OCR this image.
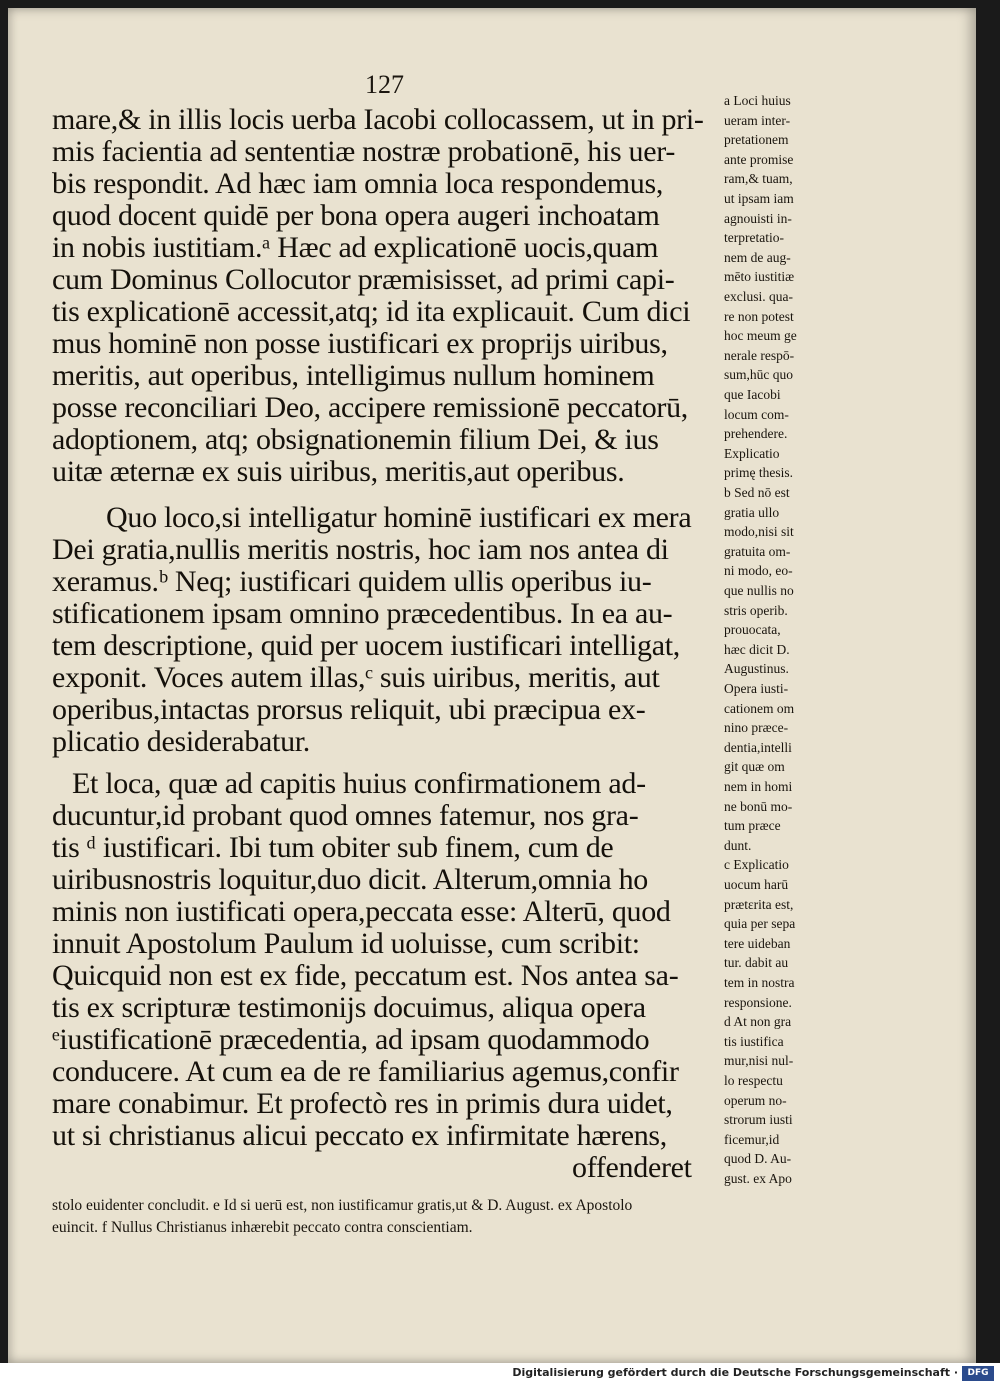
127
mare,& in illis locis uerba Iacobi collocassem, ut in pri-
mis facientia ad sententiæ nostræ probationē, his uer-
bis respondit. Ad hæc iam omnia loca respondemus,
quod docent quidē per bona opera augeri inchoatam
in nobis iustitiam.ᵃ Hæc ad explicationē uocis,quam
cum Dominus Collocutor præmisisset, ad primi capi-
tis explicationē accessit,atq; id ita explicauit. Cum dici
mus hominē non posse iustificari ex proprijs uiribus,
meritis, aut operibus, intelligimus nullum hominem
posse reconciliari Deo, accipere remissionē peccatorū,
adoptionem, atq; obsignationemin filium Dei, & ius
uitæ æternæ ex suis uiribus, meritis,aut operibus.
Quo loco,si intelligatur hominē iustificari ex mera
Dei gratia,nullis meritis nostris, hoc iam nos antea di
xeramus.ᵇ Neq; iustificari quidem ullis operibus iu-
stificationem ipsam omnino præcedentibus. In ea au-
tem descriptione, quid per uocem iustificari intelligat,
exponit. Voces autem illas,ᶜ suis uiribus, meritis, aut
operibus,intactas prorsus reliquit, ubi præcipua ex-
plicatio desiderabatur.
Et loca, quæ ad capitis huius confirmationem ad-
ducuntur,id probant quod omnes fatemur, nos gra-
tis ᵈ iustificari. Ibi tum obiter sub finem, cum de
uiribusnostris loquitur,duo dicit. Alterum,omnia ho
minis non iustificati opera,peccata esse: Alterū, quod
innuit Apostolum Paulum id uoluisse, cum scribit:
Quicquid non est ex fide, peccatum est. Nos antea sa-
tis ex scripturæ testimonijs docuimus, aliqua opera
ᵉiustificationē præcedentia, ad ipsam quodammodo
conducere. At cum ea de re familiarius agemus,confir
mare conabimur. Et profectò res in primis dura uidet,
ut si christianus alicui peccato ex infirmitate hærens,
offenderet
a Loci huius
ueram inter-
pretationem
ante promise
ram,& tuam,
ut ipsam iam
agnouisti in-
terpretatio-
nem de aug-
mēto iustitiæ
exclusi. qua-
re non potest
hoc meum ge
nerale respō-
sum,hūc quo
que Iacobi
locum com-
prehendere.
Explicatio
primę thesis.
b Sed nō est
gratia ullo
modo,nisi sit
gratuita om-
ni modo, eo-
que nullis no
stris operib.
prouocata,
hæc dicit D.
Augustinus.
Opera iusti-
cationem om
nino præce-
dentia,intelli
git quæ om
nem in homi
ne bonū mo-
tum præce
dunt.
c Explicatio
uocum harū
prætεrita est,
quia per sepa
tere uideban
tur. dabit au
tem in nostra
responsione.
d At non gra
tis iustifica
mur,nisi nul-
lo respectu
operum no-
strorum iusti
ficemur,id
quod D. Au-
gust. ex Apo
stolo euidenter concludit. e Id si uerū est, non iustificamur gratis,ut & D. August. ex Apostolo
euincit. f Nullus Christianus inhærebit peccato contra conscientiam.
Digitalisierung gefördert durch die Deutsche Forschungsgemeinschaft ·	DFG
